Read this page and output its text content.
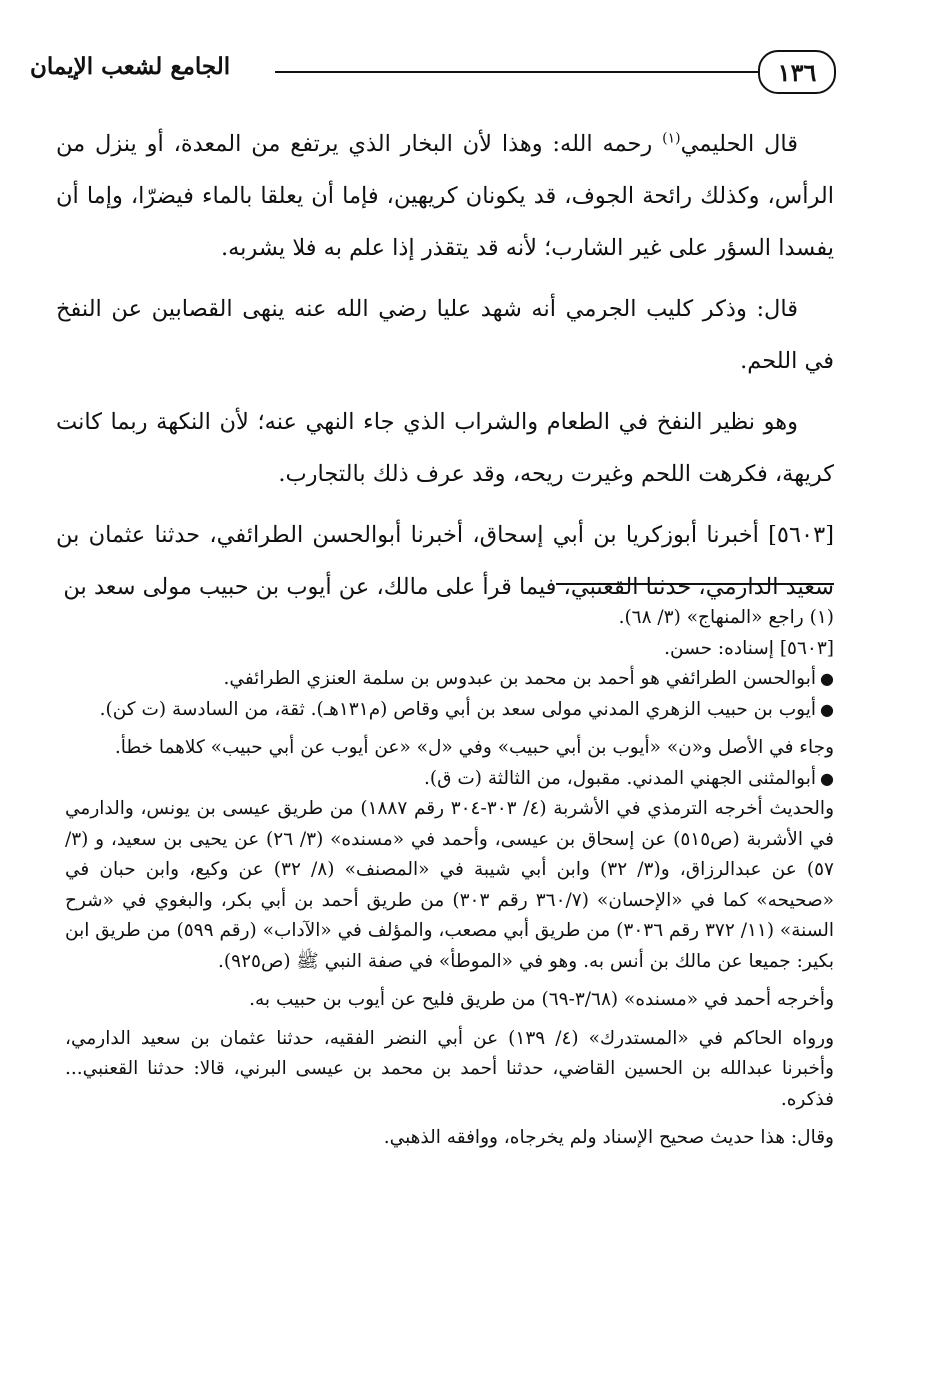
١٣٦
الجامع لشعب الإيمان

قال الحليمي$^{(١)}$ رحمه الله: وهذا لأن البخار الذي يرتفع من المعدة، أو ينزل من الرأس، وكذلك رائحة الجوف، قد يكونان كريهين، فإما أن يعلقا بالماء فيضرّا، وإما أن يفسدا السؤر على غير الشارب؛ لأنه قد يتقذر إذا علم به فلا يشربه.

قال: وذكر كليب الجرمي أنه شهد عليا رضي الله عنه ينهى القصابين عن النفخ في اللحم.

وهو نظير النفخ في الطعام والشراب الذي جاء النهي عنه؛ لأن النكهة ربما كانت كريهة، فكرهت اللحم وغيرت ريحه، وقد عرف ذلك بالتجارب.

[٥٦٠٣] أخبرنا أبوزكريا بن أبي إسحاق، أخبرنا أبوالحسن الطرائفي، حدثنا عثمان بن سعيد الدارمي، حدثنا القعنبي، فيما قرأ على مالك، عن أيوب بن حبيب مولى سعد بن

(١) راجع «المنهاج» (٣/ ٦٨).

[٥٦٠٣] إسناده: حسن.

●
أبوالحسن الطرائفي هو أحمد بن محمد بن عبدوس بن سلمة العنزي الطرائفي.
●
أيوب بن حبيب الزهري المدني مولى سعد بن أبي وقاص (م١٣١هـ). ثقة، من السادسة (ت كن).

وجاء في الأصل و«ن» «أيوب بن أبي حبيب» وفي «ل» «عن أيوب عن أبي حبيب» كلاهما خطأ.

●
أبوالمثنى الجهني المدني. مقبول، من الثالثة (ت ق).

والحديث أخرجه الترمذي في الأشربة (٤/ ٣٠٣-٣٠٤ رقم ١٨٨٧) من طريق عيسى بن يونس، والدارمي في الأشربة (ص٥١٥) عن إسحاق بن عيسى، وأحمد في «مسنده» (٣/ ٢٦) عن يحيى بن سعيد، و (٣/ ٥٧) عن عبدالرزاق، و(٣/ ٣٢) وابن أبي شيبة في «المصنف» (٨/ ٣٢) عن وكيع، وابن حبان في «صحيحه» كما في «الإحسان» (٣٦٠/٧ رقم ٣٠٣) من طريق أحمد بن أبي بكر، والبغوي في «شرح السنة» (١١/ ٣٧٢ رقم ٣٠٣٦) من طريق أبي مصعب، والمؤلف في «الآداب» (رقم ٥٩٩) من طريق ابن بكير: جميعا عن مالك بن أنس به. وهو في «الموطأ» في صفة النبي ﷺ (ص٩٢٥).

وأخرجه أحمد في «مسنده» (٣/٦٨-٦٩) من طريق فليح عن أيوب بن حبيب به.

ورواه الحاكم في «المستدرك» (٤/ ١٣٩) عن أبي النضر الفقيه، حدثنا عثمان بن سعيد الدارمي، وأخبرنا عبدالله بن الحسين القاضي، حدثنا أحمد بن محمد بن عيسى البرني، قالا: حدثنا القعنبي... فذكره.

وقال: هذا حديث صحيح الإسناد ولم يخرجاه، ووافقه الذهبي.
